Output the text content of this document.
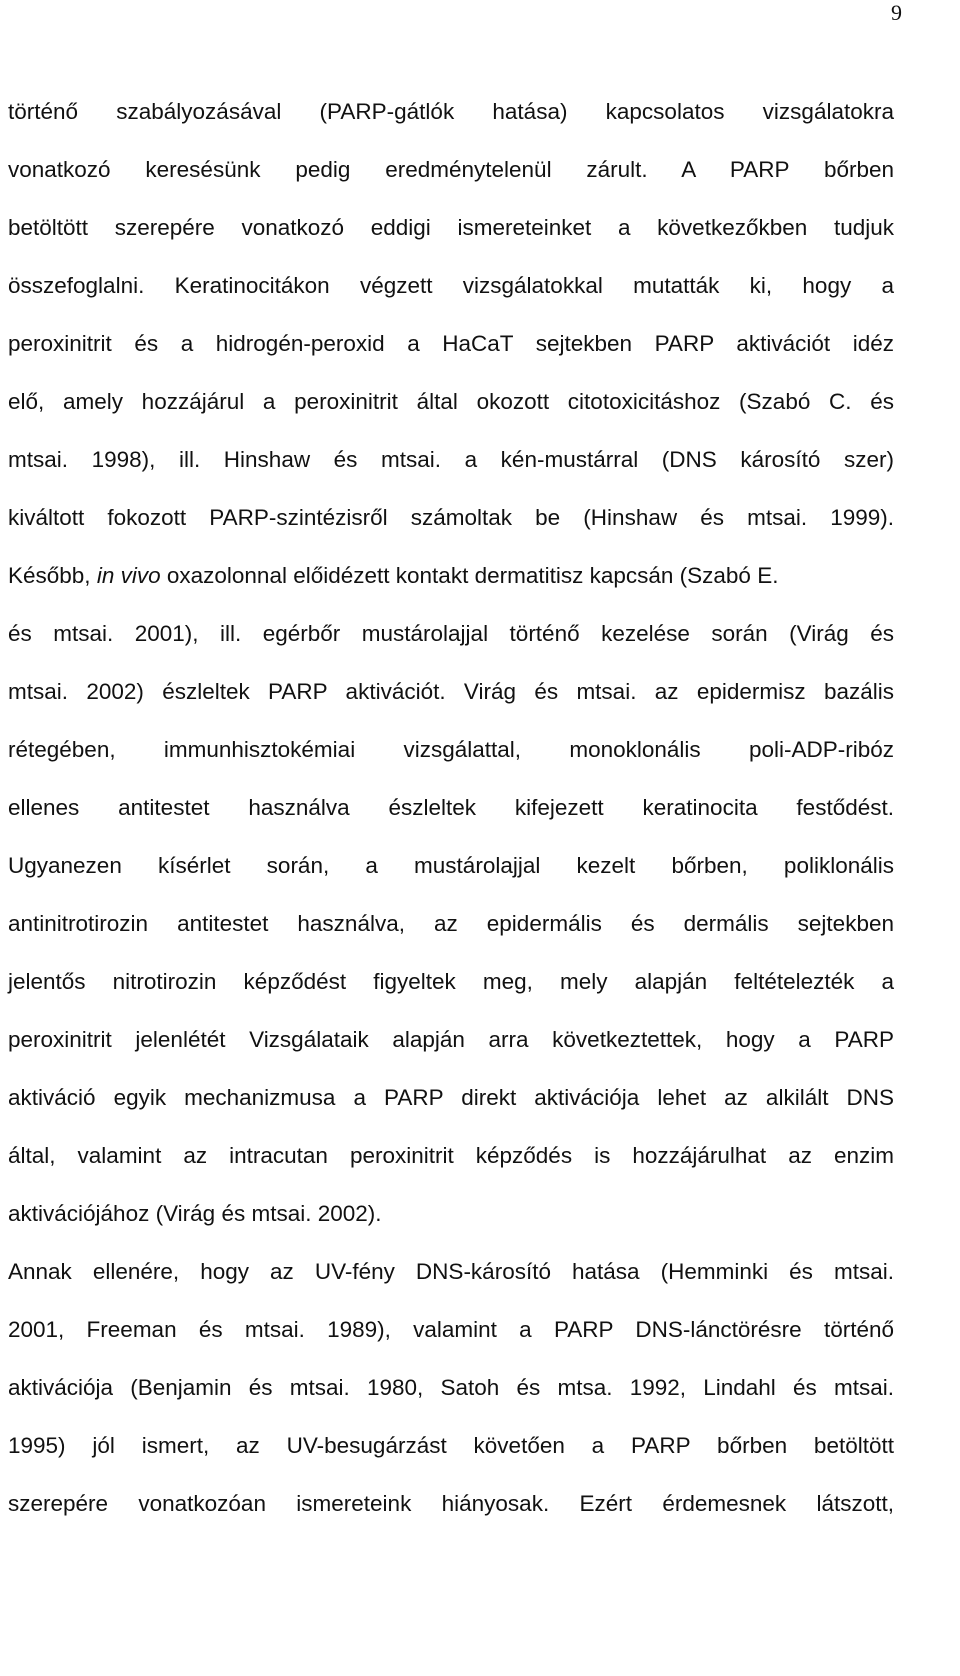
9
történő szabályozásával (PARP-gátlók hatása) kapcsolatos vizsgálatokra
vonatkozó keresésünk pedig eredménytelenül zárult. A PARP bőrben
betöltött szerepére vonatkozó eddigi ismereteinket a következőkben tudjuk
összefoglalni. Keratinocitákon végzett vizsgálatokkal mutatták ki, hogy a
peroxinitrit és a hidrogén-peroxid a HaCaT sejtekben PARP aktivációt idéz
elő, amely hozzájárul a peroxinitrit által okozott citotoxicitáshoz (Szabó C. és
mtsai. 1998), ill. Hinshaw és mtsai. a kén-mustárral (DNS károsító szer)
kiváltott fokozott PARP-szintézisről számoltak be (Hinshaw és mtsai. 1999).
Később, in vivo oxazolonnal előidézett kontakt dermatitisz kapcsán (Szabó E.
és mtsai. 2001), ill. egérbőr mustárolajjal történő kezelése során (Virág és
mtsai. 2002) észleltek PARP aktivációt. Virág és mtsai. az epidermisz bazális
rétegében, immunhisztokémiai vizsgálattal, monoklonális poli-ADP-ribóz
ellenes antitestet használva észleltek kifejezett keratinocita festődést.
Ugyanezen kísérlet során, a mustárolajjal kezelt bőrben, poliklonális
antinitrotirozin antitestet használva, az epidermális és dermális sejtekben
jelentős nitrotirozin képződést figyeltek meg, mely alapján feltételezték a
peroxinitrit jelenlétét Vizsgálataik alapján arra következtettek, hogy a PARP
aktiváció egyik mechanizmusa a PARP direkt aktivációja lehet az alkilált DNS
által, valamint az intracutan peroxinitrit képződés is hozzájárulhat az enzim
aktivációjához (Virág és mtsai. 2002).
Annak ellenére, hogy az UV-fény DNS-károsító hatása (Hemminki és mtsai.
2001, Freeman és mtsai. 1989), valamint a PARP DNS-lánctörésre történő
aktivációja (Benjamin és mtsai. 1980, Satoh és mtsa. 1992, Lindahl és mtsai.
1995) jól ismert, az UV-besugárzást követően a PARP bőrben betöltött
szerepére vonatkozóan ismereteink hiányosak. Ezért érdemesnek látszott,
